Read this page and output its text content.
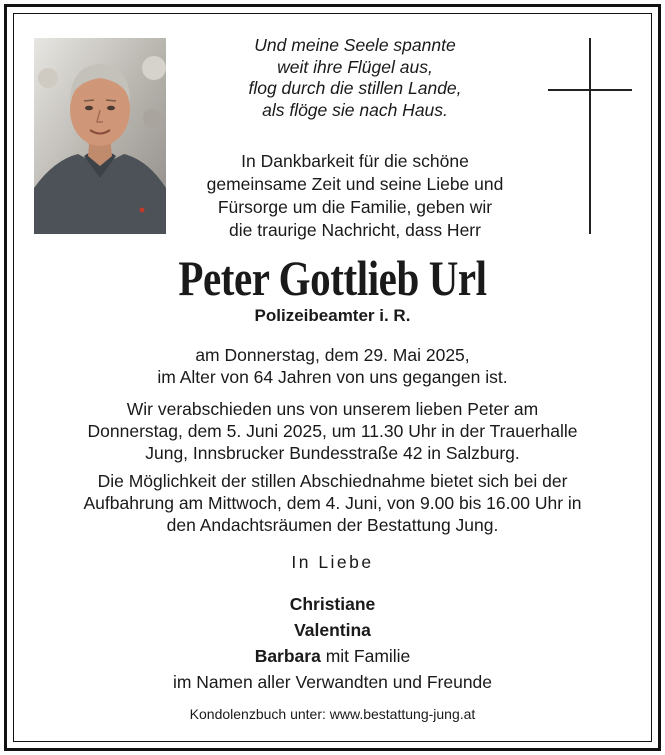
Und meine Seele spannte
weit ihre Flügel aus,
flog durch die stillen Lande,
als flöge sie nach Haus.
In Dankbarkeit für die schöne
gemeinsame Zeit und seine Liebe und
Fürsorge um die Familie, geben wir
die traurige Nachricht, dass Herr
Peter Gottlieb Url
Polizeibeamter i. R.
am Donnerstag, dem 29. Mai 2025,
im Alter von 64 Jahren von uns gegangen ist.
Wir verabschieden uns von unserem lieben Peter am
Donnerstag, dem 5. Juni 2025, um 11.30 Uhr in der Trauerhalle
Jung, Innsbrucker Bundesstraße 42 in Salzburg.
Die Möglichkeit der stillen Abschiednahme bietet sich bei der
Aufbahrung am Mittwoch, dem 4. Juni, von 9.00 bis 16.00 Uhr in
den Andachtsräumen der Bestattung Jung.
In Liebe
Christiane
Valentina
Barbara mit Familie
im Namen aller Verwandten und Freunde
Kondolenzbuch unter: www.bestattung-jung.at
